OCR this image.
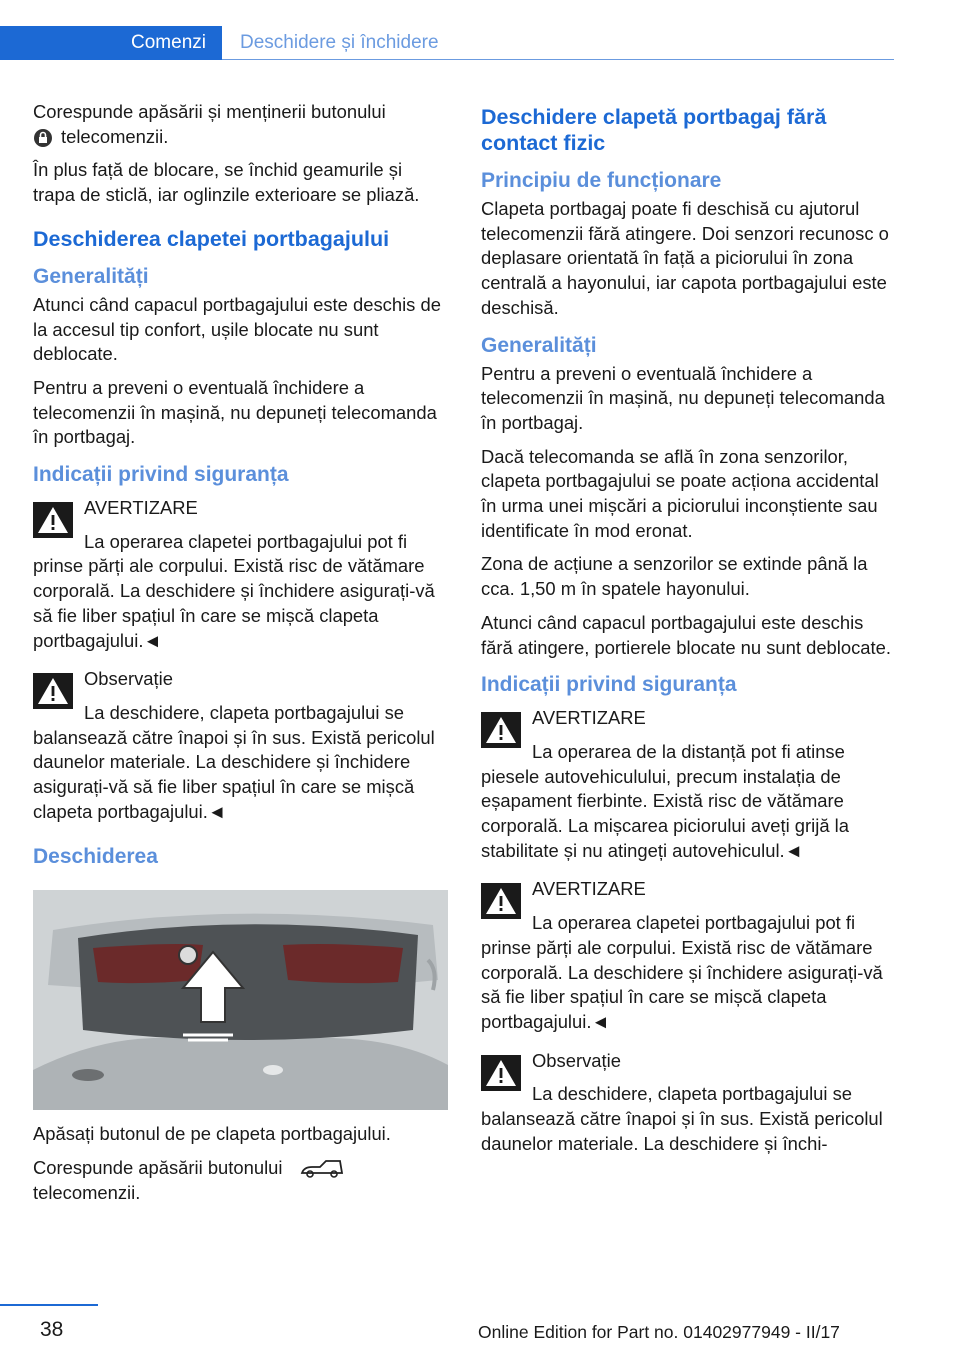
Comenzi	Deschidere și închidere

Corespunde apăsării și menținerii butonului
telecomenzii.

În plus față de blocare, se închid geamurile și trapa de sticlă, iar oglinzile exterioare se pliază.

Deschiderea clapetei portbagajului
Generalități

Atunci când capacul portbagajului este deschis de la accesul tip confort, ușile blocate nu sunt deblocate.

Pentru a preveni o eventuală închidere a telecomenzii în mașină, nu depuneți telecomanda în portbagaj.

Indicații privind siguranța

AVERTIZARE

La operarea clapetei portbagajului pot fi prinse părți ale corpului. Există risc de vătămare corporală. La deschidere și închidere asigurați-vă să fie liber spațiul în care se mișcă clapeta portbagajului.◄

Observație

La deschidere, clapeta portbagajului se balansează către înapoi și în sus. Există pericolul daunelor materiale. La deschidere și închidere asigurați-vă să fie liber spațiul în care se mișcă clapeta portbagajului.◄

Deschiderea

Apăsați butonul de pe clapeta portbagajului.

Corespunde apăsării butonului telecomenzii.

Deschidere clapetă portbagaj fără contact fizic
Principiu de funcționare

Clapeta portbagaj poate fi deschisă cu ajutorul telecomenzii fără atingere. Doi senzori recunosc o deplasare orientată în față a piciorului în zona centrală a hayonului, iar capota portbagajului este deschisă.

Generalități

Pentru a preveni o eventuală închidere a telecomenzii în mașină, nu depuneți telecomanda în portbagaj.

Dacă telecomanda se află în zona senzorilor, clapeta portbagajului se poate acționa accidental în urma unei mișcări a piciorului inconștiente sau identificate în mod eronat.

Zona de acțiune a senzorilor se extinde până la cca. 1,50 m în spatele hayonului.

Atunci când capacul portbagajului este deschis fără atingere, portierele blocate nu sunt deblocate.

Indicații privind siguranța

AVERTIZARE

La operarea de la distanță pot fi atinse piesele autovehiculului, precum instalația de eșapament fierbinte. Există risc de vătămare corporală. La mișcarea piciorului aveți grijă la stabilitate și nu atingeți autovehiculul.◄

AVERTIZARE

La operarea clapetei portbagajului pot fi prinse părți ale corpului. Există risc de vătămare corporală. La deschidere și închidere asigurați-vă să fie liber spațiul în care se mișcă clapeta portbagajului.◄

Observație

La deschidere, clapeta portbagajului se balansează către înapoi și în sus. Există pericolul daunelor materiale. La deschidere și închi-

38	Online Edition for Part no. 01402977949 - II/17
